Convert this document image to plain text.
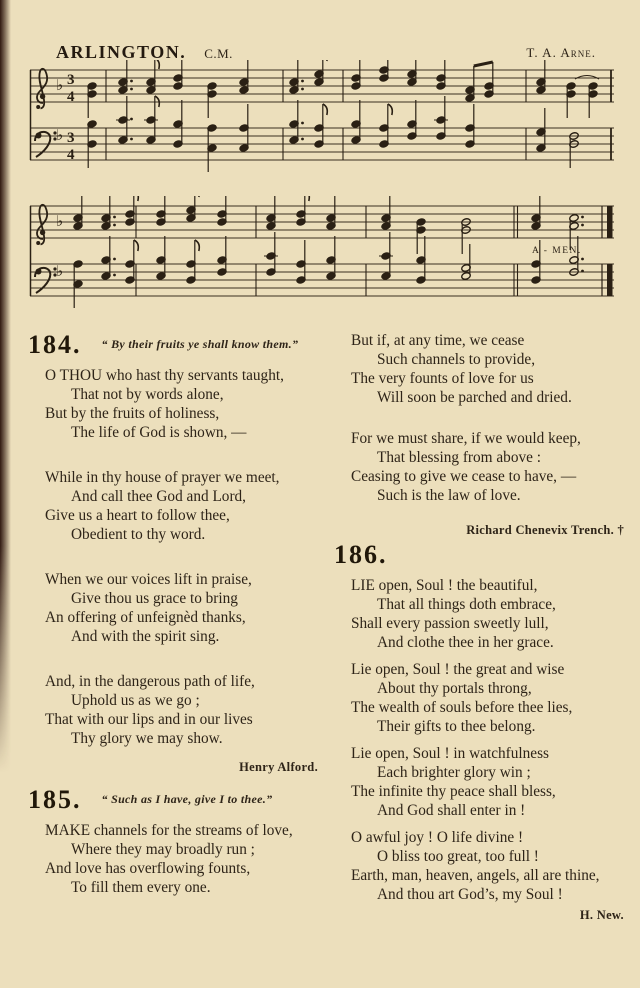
ARLINGTON. C.M.	T. A. Arne.
♭ 3
4
♭ 3
4
♭
♭
A - MEN.
184. $^{“ By their fruits ye shall know them.”}$
O THOU who hast thy servants taught,
That not by words alone,
But by the fruits of holiness,
The life of God is shown, —
While in thy house of prayer we meet,
And call thee God and Lord,
Give us a heart to follow thee,
Obedient to thy word.
When we our voices lift in praise,
Give thou us grace to bring
An offering of unfeignèd thanks,
And with the spirit sing.
And, in the dangerous path of life,
Uphold us as we go ;
That with our lips and in our lives
Thy glory we may show.
Henry Alford.
185. $^{“ Such as I have, give I to thee.”}$
MAKE channels for the streams of love,
Where they may broadly run ;
And love has overflowing founts,
To fill them every one.
But if, at any time, we cease
Such channels to provide,
The very founts of love for us
Will soon be parched and dried.
For we must share, if we would keep,
That blessing from above :
Ceasing to give we cease to have, —
Such is the law of love.
Richard Chenevix Trench. †
186.
LIE open, Soul ! the beautiful,
That all things doth embrace,
Shall every passion sweetly lull,
And clothe thee in her grace.
Lie open, Soul ! the great and wise
About thy portals throng,
The wealth of souls before thee lies,
Their gifts to thee belong.
Lie open, Soul ! in watchfulness
Each brighter glory win ;
The infinite thy peace shall bless,
And God shall enter in !
O awful joy ! O life divine !
O bliss too great, too full !
Earth, man, heaven, angels, all are thine,
And thou art God’s, my Soul !
H. New.
